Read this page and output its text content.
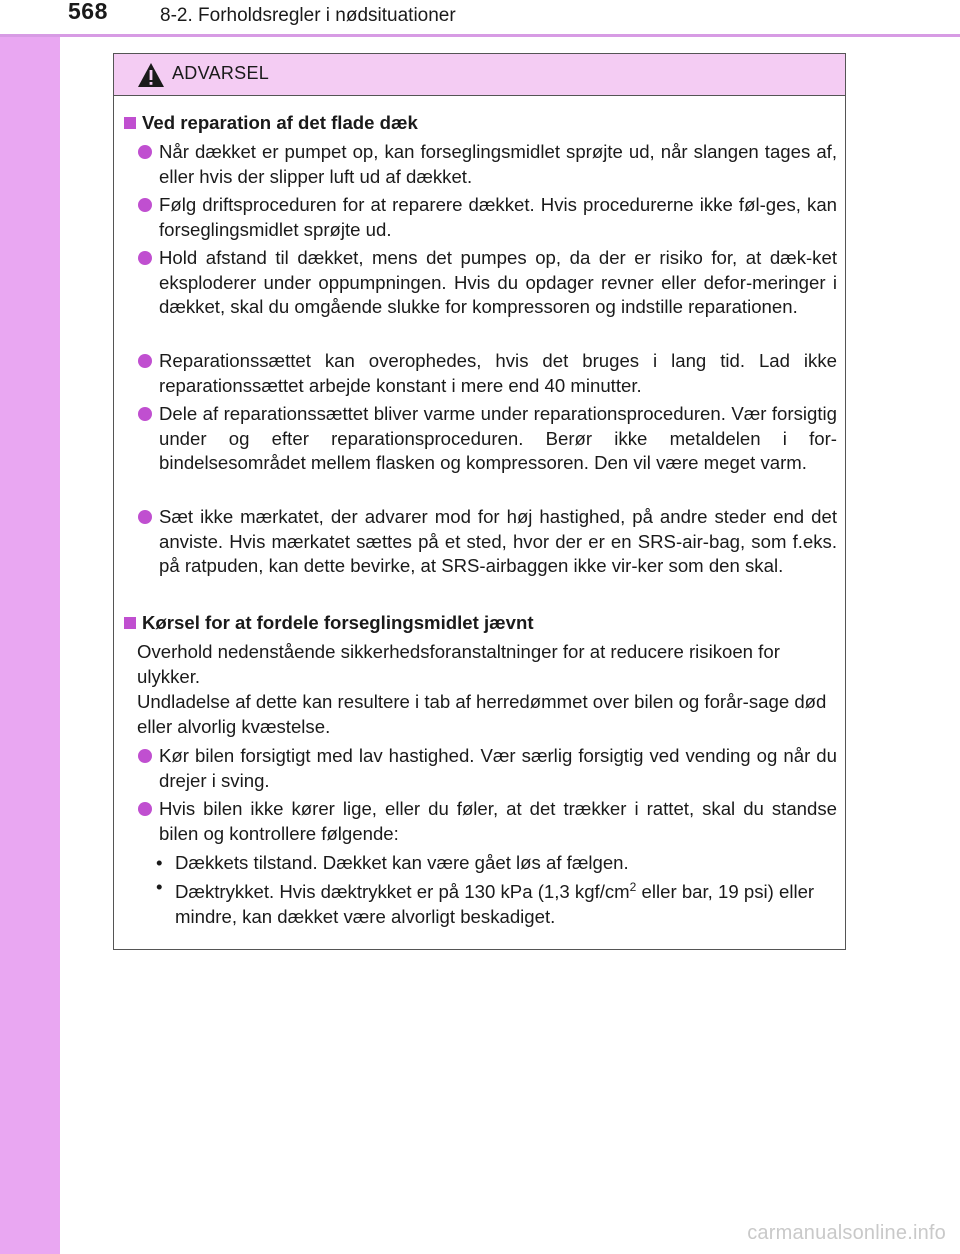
568	8-2. Forholdsregler i nødsituationer
ADVARSEL
Ved reparation af det flade dæk
Når dækket er pumpet op, kan forseglingsmidlet sprøjte ud, når slangen tages af, eller hvis der slipper luft ud af dækket.
Følg driftsproceduren for at reparere dækket. Hvis procedurerne ikke føl-ges, kan forseglingsmidlet sprøjte ud.
Hold afstand til dækket, mens det pumpes op, da der er risiko for, at dæk-ket eksploderer under oppumpningen. Hvis du opdager revner eller defor-meringer i dækket, skal du omgående slukke for kompressoren og indstille reparationen.
Reparationssættet kan overophedes, hvis det bruges i lang tid. Lad ikke reparationssættet arbejde konstant i mere end 40 minutter.
Dele af reparationssættet bliver varme under reparationsproceduren. Vær forsigtig under og efter reparationsproceduren. Berør ikke metaldelen i for-bindelsesområdet mellem flasken og kompressoren. Den vil være meget varm.
Sæt ikke mærkatet, der advarer mod for høj hastighed, på andre steder end det anviste. Hvis mærkatet sættes på et sted, hvor der er en SRS-air-bag, som f.eks. på ratpuden, kan dette bevirke, at SRS-airbaggen ikke vir-ker som den skal.
Kørsel for at fordele forseglingsmidlet jævnt
Overhold nedenstående sikkerhedsforanstaltninger for at reducere risikoen for ulykker.
Undladelse af dette kan resultere i tab af herredømmet over bilen og forår-sage død eller alvorlig kvæstelse.
Kør bilen forsigtigt med lav hastighed. Vær særlig forsigtig ved vending og når du drejer i sving.
Hvis bilen ikke kører lige, eller du føler, at det trækker i rattet, skal du standse bilen og kontrollere følgende:
• Dækkets tilstand. Dækket kan være gået løs af fælgen.
• Dæktrykket. Hvis dæktrykket er på 130 kPa (1,3 kgf/$cm^2$ eller bar, 19 psi) eller mindre, kan dækket være alvorligt beskadiget.
carmanualsonline.info
